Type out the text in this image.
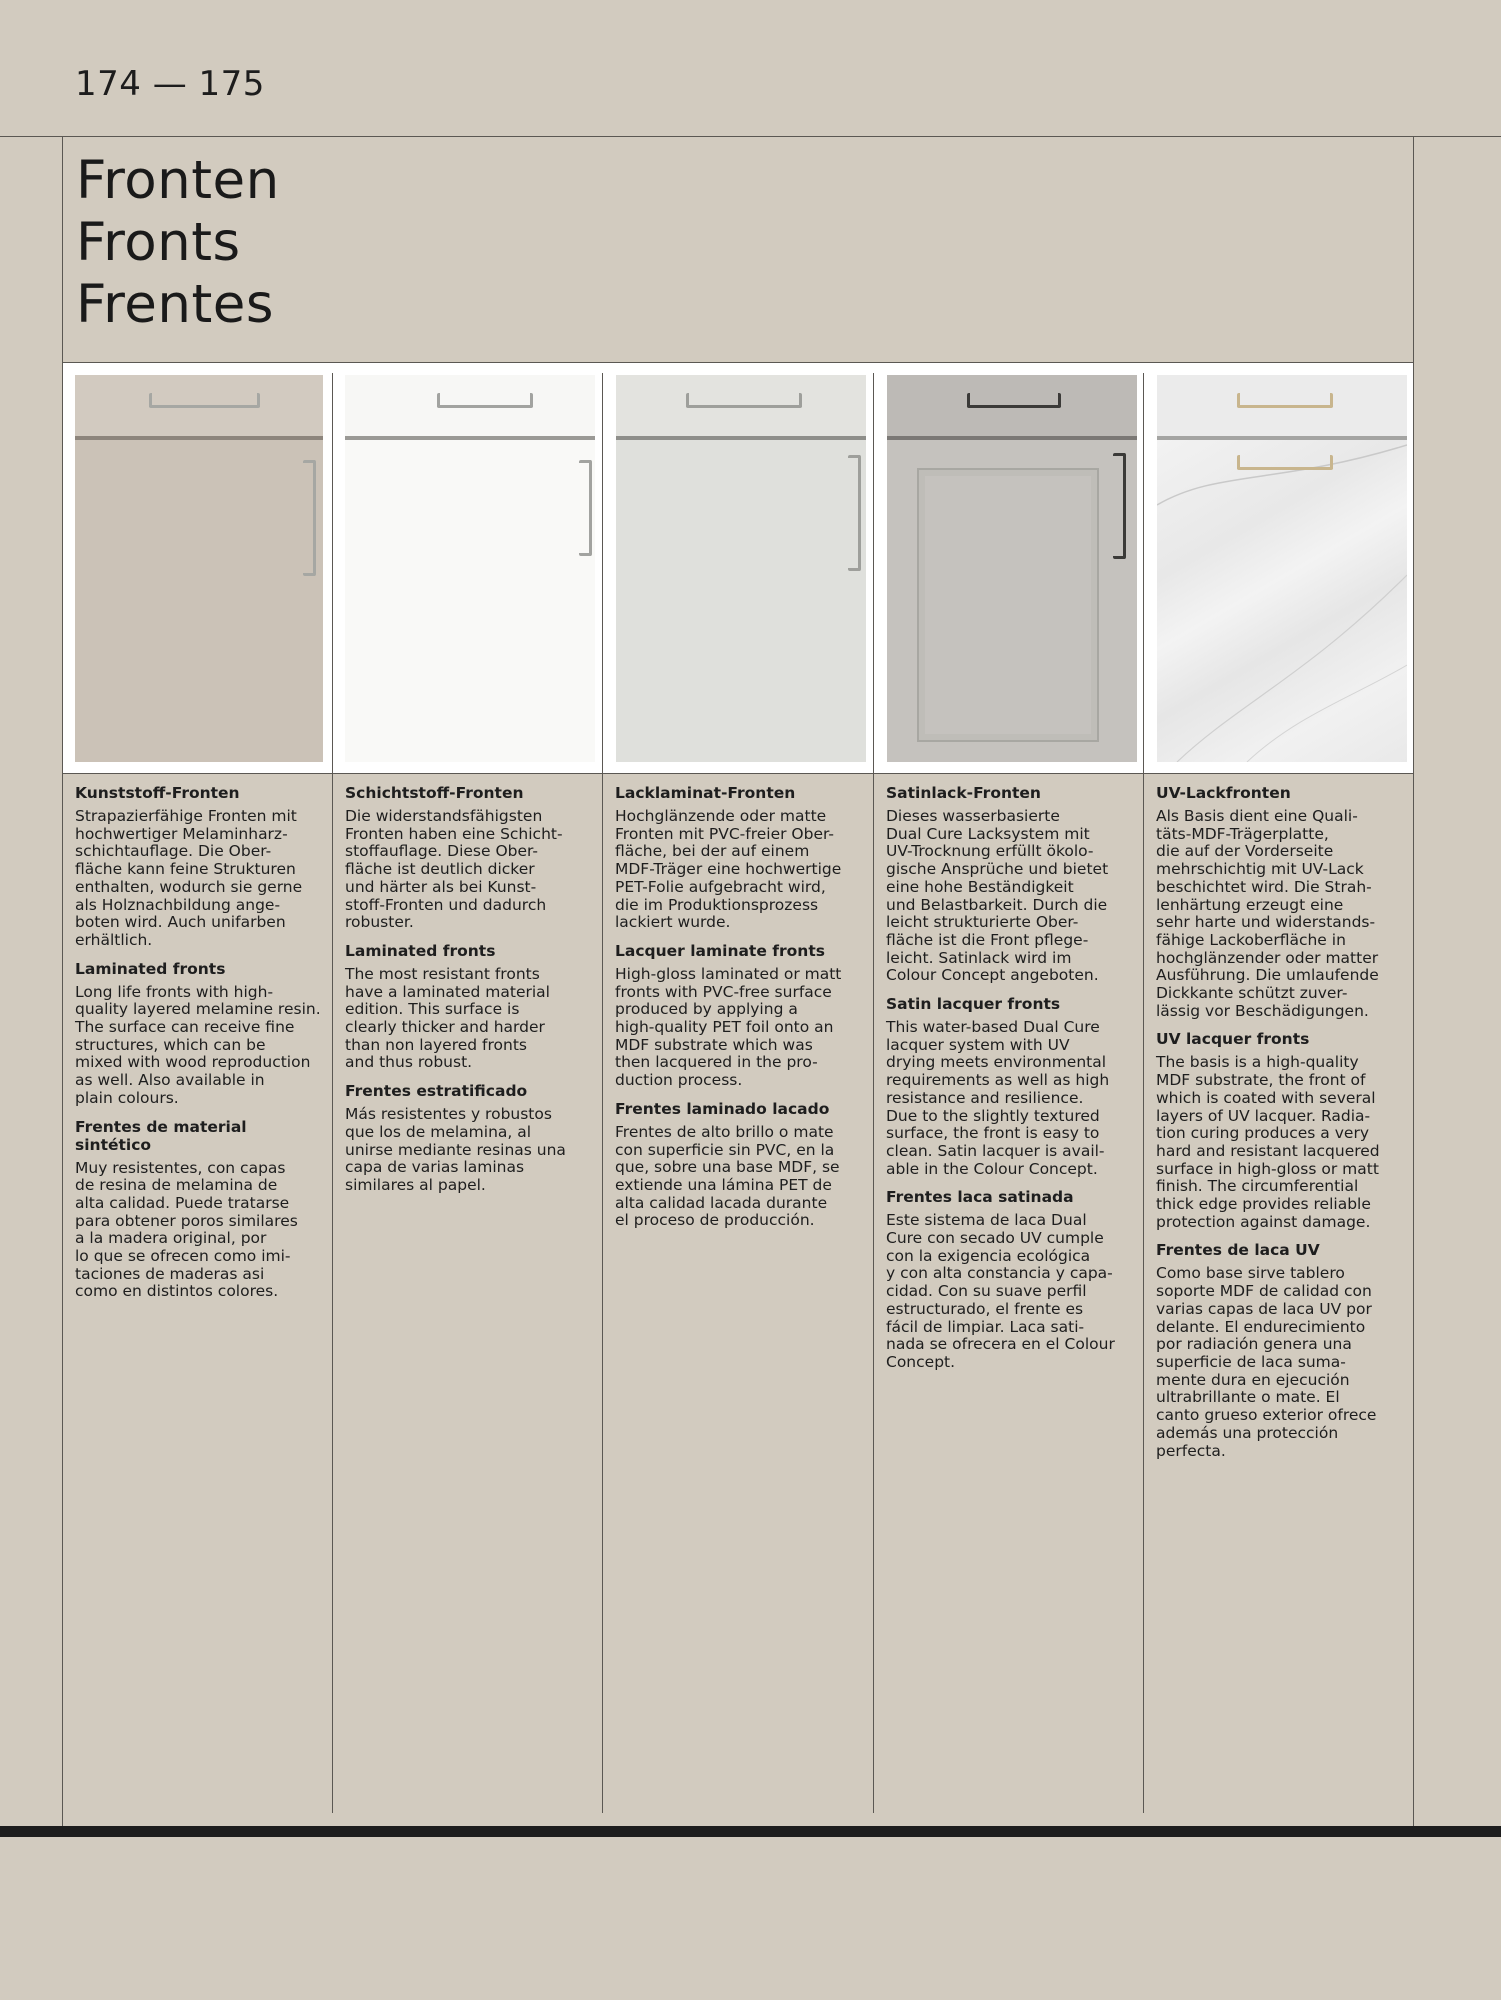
174 — 175
Fronten
Fronts
Frentes
Kunststoff-Fronten

Strapazierfähige Fronten mit
hochwertiger Melaminharz-
schichtauflage. Die Ober-
fläche kann feine Strukturen
enthalten, wodurch sie gerne
als Holznachbildung ange-
boten wird. Auch unifarben
erhältlich.

Laminated fronts

Long life fronts with high-
quality layered melamine resin.
The surface can receive fine
structures, which can be
mixed with wood reproduction
as well. Also available in
plain colours.

Frentes de material sintético

Muy resistentes, con capas
de resina de melamina de
alta calidad. Puede tratarse
para obtener poros similares
a la madera original, por
lo que se ofrecen como imi-
taciones de maderas asi
como en distintos colores.

Schichtstoff-Fronten

Die widerstandsfähigsten
Fronten haben eine Schicht-
stoffauflage. Diese Ober-
fläche ist deutlich dicker
und härter als bei Kunst-
stoff-Fronten und dadurch
robuster.

Laminated fronts

The most resistant fronts
have a laminated material
edition. This surface is
clearly thicker and harder
than non layered fronts
and thus robust.

Frentes estratificado

Más resistentes y robustos
que los de melamina, al
unirse mediante resinas una
capa de varias laminas
similares al papel.

Lacklaminat-Fronten

Hochglänzende oder matte
Fronten mit PVC-freier Ober-
fläche, bei der auf einem
MDF-Träger eine hochwertige
PET-Folie aufgebracht wird,
die im Produktionsprozess
lackiert wurde.

Lacquer laminate fronts

High-gloss laminated or matt
fronts with PVC-free surface
produced by applying a
high-quality PET foil onto an
MDF substrate which was
then lacquered in the pro-
duction process.

Frentes laminado lacado

Frentes de alto brillo o mate
con superficie sin PVC, en la
que, sobre una base MDF, se
extiende una lámina PET de
alta calidad lacada durante
el proceso de producción.

Satinlack-Fronten

Dieses wasserbasierte
Dual Cure Lacksystem mit
UV-Trocknung erfüllt ökolo-
gische Ansprüche und bietet
eine hohe Beständigkeit
und Belastbarkeit. Durch die
leicht strukturierte Ober-
fläche ist die Front pflege-
leicht. Satinlack wird im
Colour Concept angeboten.

Satin lacquer fronts

This water-based Dual Cure
lacquer system with UV
drying meets environmental
requirements as well as high
resistance and resilience.
Due to the slightly textured
surface, the front is easy to
clean. Satin lacquer is avail-
able in the Colour Concept.

Frentes laca satinada

Este sistema de laca Dual
Cure con secado UV cumple
con la exigencia ecológica
y con alta constancia y capa-
cidad. Con su suave perfil
estructurado, el frente es
fácil de limpiar. Laca sati-
nada se ofrecera en el Colour
Concept.

UV-Lackfronten

Als Basis dient eine Quali-
täts-MDF-Trägerplatte,
die auf der Vorderseite
mehrschichtig mit UV-Lack
beschichtet wird. Die Strah-
lenhärtung erzeugt eine
sehr harte und widerstands-
fähige Lackoberfläche in
hochglänzender oder matter
Ausführung. Die umlaufende
Dickkante schützt zuver-
lässig vor Beschädigungen.

UV lacquer fronts

The basis is a high-quality
MDF substrate, the front of
which is coated with several
layers of UV lacquer. Radia-
tion curing produces a very
hard and resistant lacquered
surface in high-gloss or matt
finish. The circumferential
thick edge provides reliable
protection against damage.

Frentes de laca UV

Como base sirve tablero
soporte MDF de calidad con
varias capas de laca UV por
delante. El endurecimiento
por radiación genera una
superficie de laca suma-
mente dura en ejecución
ultrabrillante o mate. El
canto grueso exterior ofrece
además una protección
perfecta.
